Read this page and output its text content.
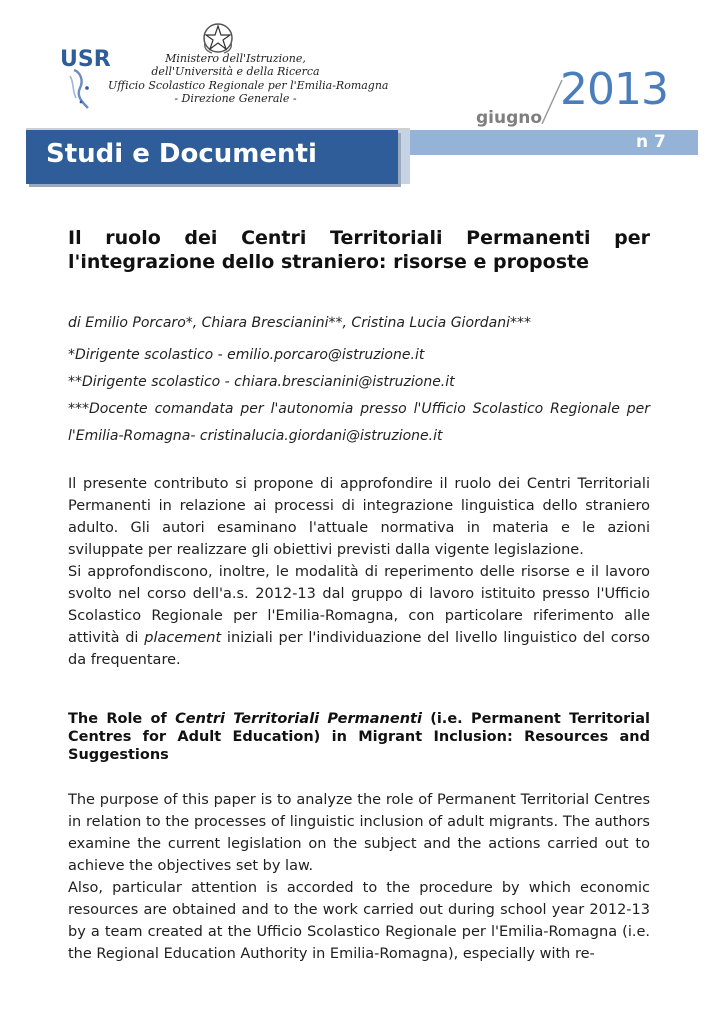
USR	Ministero dell'Istruzione,
dell'Università e della Ricerca
Ufficio Scolastico Regionale per l'Emilia-Romagna
- Direzione Generale -
giugno
2013
n 7
Studi e Documenti
Il ruolo dei Centri Territoriali Permanenti per l'integrazione dello straniero: risorse e proposte
di Emilio Porcaro*, Chiara Brescianini**, Cristina Lucia Giordani***
*Dirigente scolastico - emilio.porcaro@istruzione.it
**Dirigente scolastico - chiara.brescianini@istruzione.it
***Docente comandata per l'autonomia presso l'Ufficio Scolastico Regionale per l'Emilia-Romagna- cristinalucia.giordani@istruzione.it

Il presente contributo si propone di approfondire il ruolo dei Centri Territoriali Permanenti in relazione ai processi di integrazione linguistica dello straniero adulto. Gli autori esaminano l'attuale normativa in materia e le azioni sviluppate per realizzare gli obiettivi previsti dalla vigente legislazione.

Si approfondiscono, inoltre, le modalità di reperimento delle risorse e il lavoro svolto nel corso dell'a.s. 2012-13 dal gruppo di lavoro istituito presso l'Ufficio Scolastico Regionale per l'Emilia-Romagna, con particolare riferimento alle attività di placement iniziali per l'individuazione del livello linguistico del corso da frequentare.

The Role of Centri Territoriali Permanenti (i.e. Permanent Territorial Centres for Adult Education) in Migrant Inclusion: Resources and Suggestions

The purpose of this paper is to analyze the role of Permanent Territorial Centres in relation to the processes of linguistic inclusion of adult migrants. The authors examine the current legislation on the subject and the actions carried out to achieve the objectives set by law.

Also, particular attention is accorded to the procedure by which economic resources are obtained and to the work carried out during school year 2012-13 by a team created at the Ufficio Scolastico Regionale per l'Emilia-Romagna (i.e. the Regional Education Authority in Emilia-Romagna), especially with re-
